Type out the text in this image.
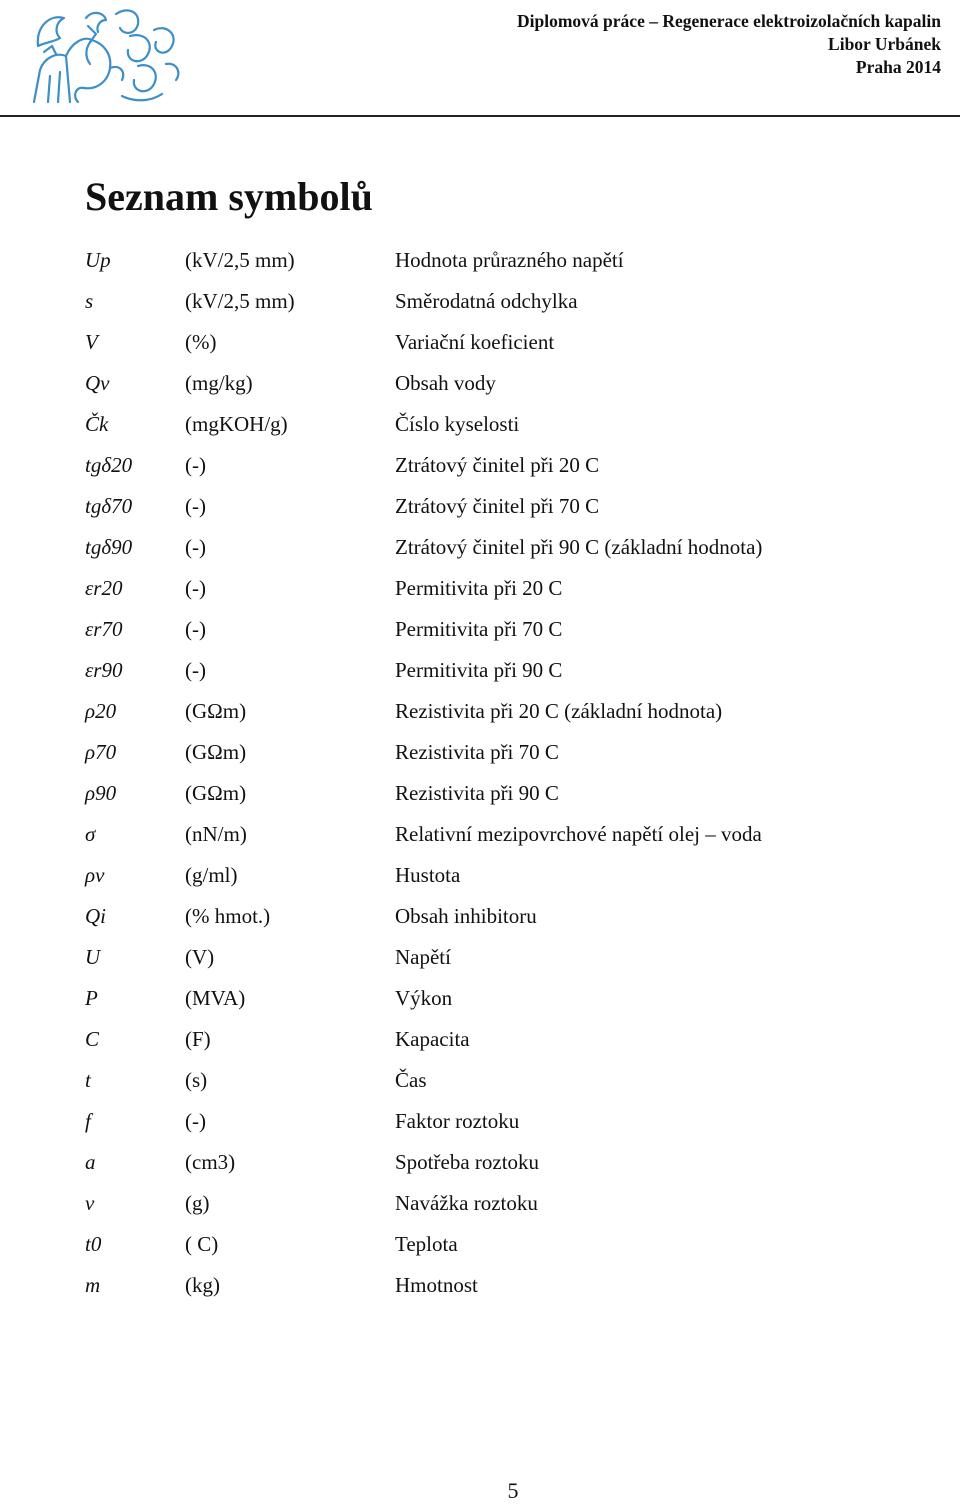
Diplomová práce – Regenerace elektroizolačních kapalin
Libor Urbánek
Praha 2014
Seznam symbolů
Up	(kV/2,5 mm)	Hodnota průrazného napětí
s	(kV/2,5 mm)	Směrodatná odchylka
V	(%)	Variační koeficient
Qv	(mg/kg)	Obsah vody
Čk	(mgKOH/g)	Číslo kyselosti
tgδ20	(-)	Ztrátový činitel při 20 C
tgδ70	(-)	Ztrátový činitel při 70 C
tgδ90	(-)	Ztrátový činitel při 90 C (základní hodnota)
εr20	(-)	Permitivita při 20 C
εr70	(-)	Permitivita při 70 C
εr90	(-)	Permitivita při 90 C
ρ20	(GΩm)	Rezistivita při 20 C (základní hodnota)
ρ70	(GΩm)	Rezistivita při 70 C
ρ90	(GΩm)	Rezistivita při 90 C
σ	(nN/m)	Relativní mezipovrchové napětí olej – voda
ρv	(g/ml)	Hustota
Qi	(% hmot.)	Obsah inhibitoru
U	(V)	Napětí
P	(MVA)	Výkon
C	(F)	Kapacita
t	(s)	Čas
f	(-)	Faktor roztoku
a	(cm3)	Spotřeba roztoku
v	(g)	Navážka roztoku
t0	( C)	Teplota
m	(kg)	Hmotnost
5
